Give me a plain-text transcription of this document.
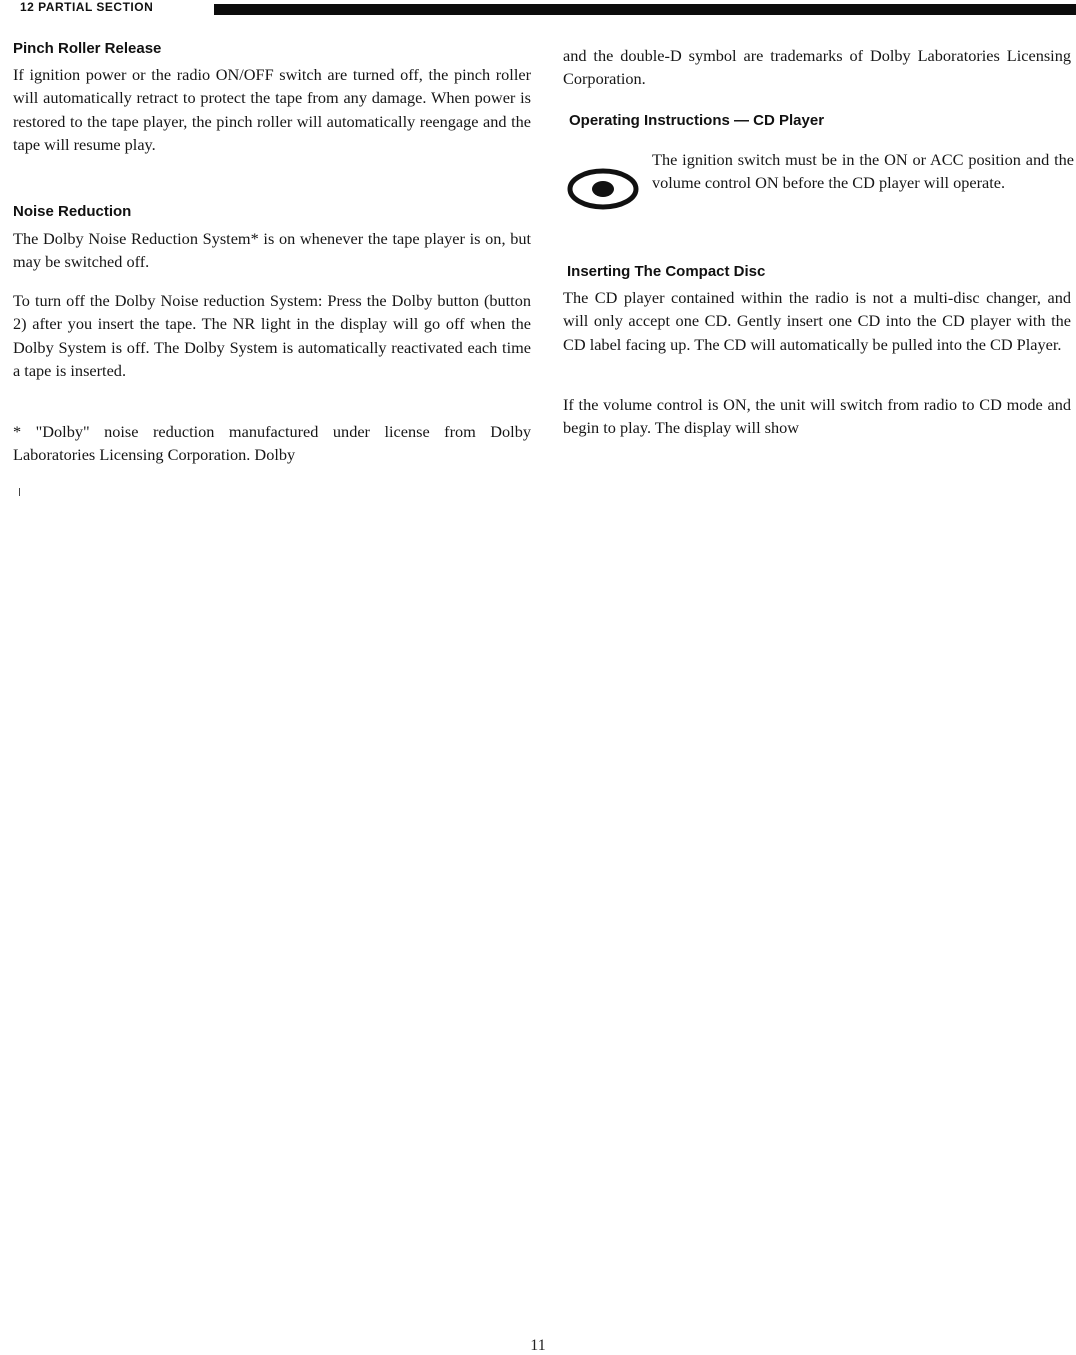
12 PARTIAL SECTION
Pinch Roller Release

If ignition power or the radio ON/OFF switch are turned off, the pinch roller will automatically retract to protect the tape from any damage. When power is restored to the tape player, the pinch roller will automatically reengage and the tape will resume play.

Noise Reduction

The Dolby Noise Reduction System* is on whenever the tape player is on, but may be switched off.

To turn off the Dolby Noise reduction System: Press the Dolby button (button 2) after you insert the tape. The NR light in the display will go off when the Dolby System is off. The Dolby System is automatically reactivated each time a tape is inserted.

* "Dolby" noise reduction manufactured under license from Dolby Laboratories Licensing Corporation. Dolby

and the double-D symbol are trademarks of Dolby Laboratories Licensing Corporation.

Operating Instructions — CD Player
Inserting The Compact Disc

The CD player contained within the radio is not a multi-disc changer, and will only accept one CD. Gently insert one CD into the CD player with the CD label facing up. The CD will automatically be pulled into the CD Player.

If the volume control is ON, the unit will switch from radio to CD mode and begin to play. The display will show

The ignition switch must be in the ON or ACC position and the volume control ON before the CD player will operate.

11
